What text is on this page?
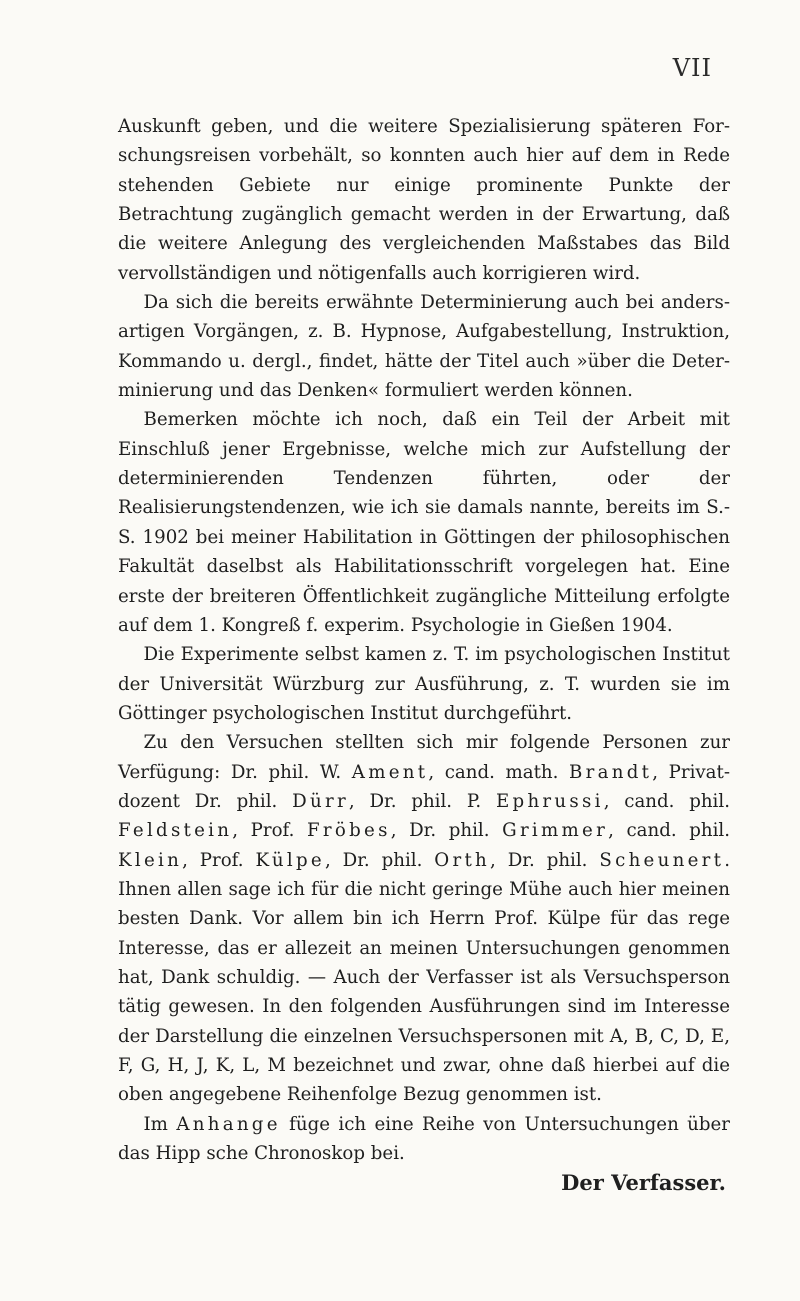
VII

Auskunft geben, und die weitere Spezialisierung späteren Forschungsreisen vorbehält, so konnten auch hier auf dem in Rede stehenden Gebiete nur einige prominente Punkte der Betrachtung zugänglich gemacht werden in der Erwartung, daß die weitere Anlegung des vergleichenden Maßstabes das Bild vervollständigen und nötigenfalls auch korrigieren wird.

Da sich die bereits erwähnte Determinierung auch bei andersartigen Vorgängen, z. B. Hypnose, Aufgabestellung, Instruktion, Kommando u. dergl., findet, hätte der Titel auch »über die Determinierung und das Denken« formuliert werden können.

Bemerken möchte ich noch, daß ein Teil der Arbeit mit Einschluß jener Ergebnisse, welche mich zur Aufstellung der determinierenden Tendenzen führten, oder der Realisierungstendenzen, wie ich sie damals nannte, bereits im S.-S. 1902 bei meiner Habilitation in Göttingen der philosophischen Fakultät daselbst als Habilitationsschrift vorgelegen hat. Eine erste der breiteren Öffentlichkeit zugängliche Mitteilung erfolgte auf dem 1. Kongreß f. experim. Psychologie in Gießen 1904.

Die Experimente selbst kamen z. T. im psychologischen Institut der Universität Würzburg zur Ausführung, z. T. wurden sie im Göttinger psychologischen Institut durchgeführt.

Zu den Versuchen stellten sich mir folgende Personen zur Verfügung: Dr. phil. W. Ament, cand. math. Brandt, Privatdozent Dr. phil. Dürr, Dr. phil. P. Ephrussi, cand. phil. Feldstein, Prof. Fröbes, Dr. phil. Grimmer, cand. phil. Klein, Prof. Külpe, Dr. phil. Orth, Dr. phil. Scheunert. Ihnen allen sage ich für die nicht geringe Mühe auch hier meinen besten Dank. Vor allem bin ich Herrn Prof. Külpe für das rege Interesse, das er allezeit an meinen Untersuchungen genommen hat, Dank schuldig. — Auch der Verfasser ist als Versuchsperson tätig gewesen. In den folgenden Ausführungen sind im Interesse der Darstellung die einzelnen Versuchspersonen mit A, B, C, D, E, F, G, H, J, K, L, M bezeichnet und zwar, ohne daß hierbei auf die oben angegebene Reihenfolge Bezug genommen ist.

Im Anhange füge ich eine Reihe von Untersuchungen über das Hipp sche Chronoskop bei.

Der Verfasser.
